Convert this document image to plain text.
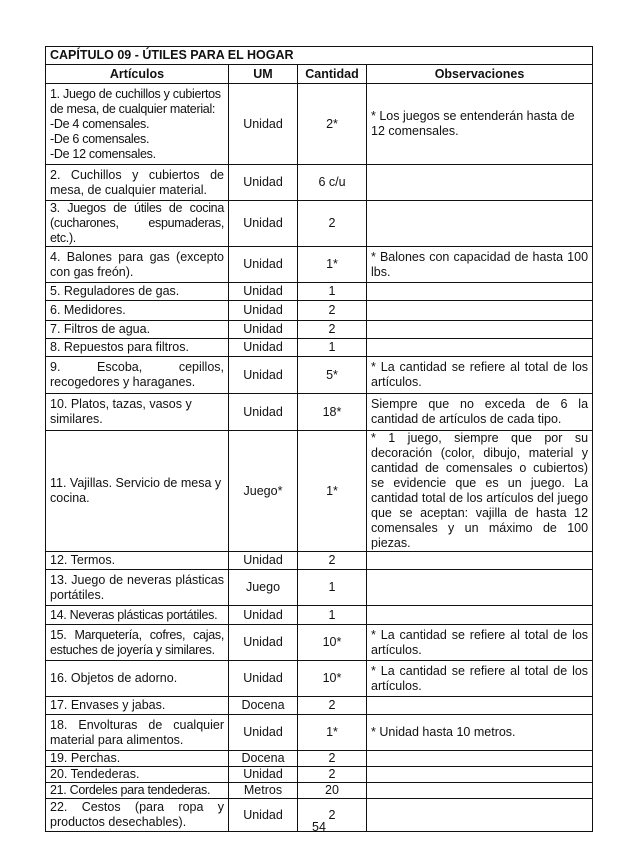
CAPÍTULO 09 - ÚTILES PARA EL HOGAR			
Artículos	UM	Cantidad	Observaciones

1. Juego de cuchillos y cubiertos de mesa, de cualquier material:
-De 4 comensales.
-De 6 comensales.
-De 12 comensales.	Unidad	2*	* Los juegos se entenderán hasta de 12 comensales.
2. Cuchillos y cubiertos de mesa, de cualquier material.	Unidad	6 c/u	
3. Juegos de útiles de cocina (cucharones, espumaderas, etc.).	Unidad	2	
4. Balones para gas (excepto con gas freón).	Unidad	1*	* Balones con capacidad de hasta 100 lbs.
5. Reguladores de gas.	Unidad	1	
6. Medidores.	Unidad	2	
7. Filtros de agua.	Unidad	2	
8. Repuestos para filtros.	Unidad	1	
9. Escoba, cepillos, recogedores y haraganes.	Unidad	5*	* La cantidad se refiere al total de los artículos.
10. Platos, tazas, vasos y similares.	Unidad	18*	Siempre que no exceda de 6 la cantidad de artículos de cada tipo.
11. Vajillas. Servicio de mesa y cocina.	Juego*	1*	* 1 juego, siempre que por su decoración (color, dibujo, material y cantidad de comensales o cubiertos) se evidencie que es un juego. La cantidad total de los artículos del juego que se aceptan: vajilla de hasta 12 comensales y un máximo de 100 piezas.
12. Termos.	Unidad	2	
13. Juego de neveras plásticas portátiles.	Juego	1	
14. Neveras plásticas portátiles.	Unidad	1	
15. Marquetería, cofres, cajas, estuches de joyería y similares.	Unidad	10*	* La cantidad se refiere al total de los artículos.
16. Objetos de adorno.	Unidad	10*	* La cantidad se refiere al total de los artículos.
17. Envases y jabas.	Docena	2	
18. Envolturas de cualquier material para alimentos.	Unidad	1*	* Unidad hasta 10 metros.
19. Perchas.	Docena	2	
20. Tendederas.	Unidad	2	
21. Cordeles para tendederas.	Metros	20	
22. Cestos (para ropa y productos desechables).	Unidad	2	
54
